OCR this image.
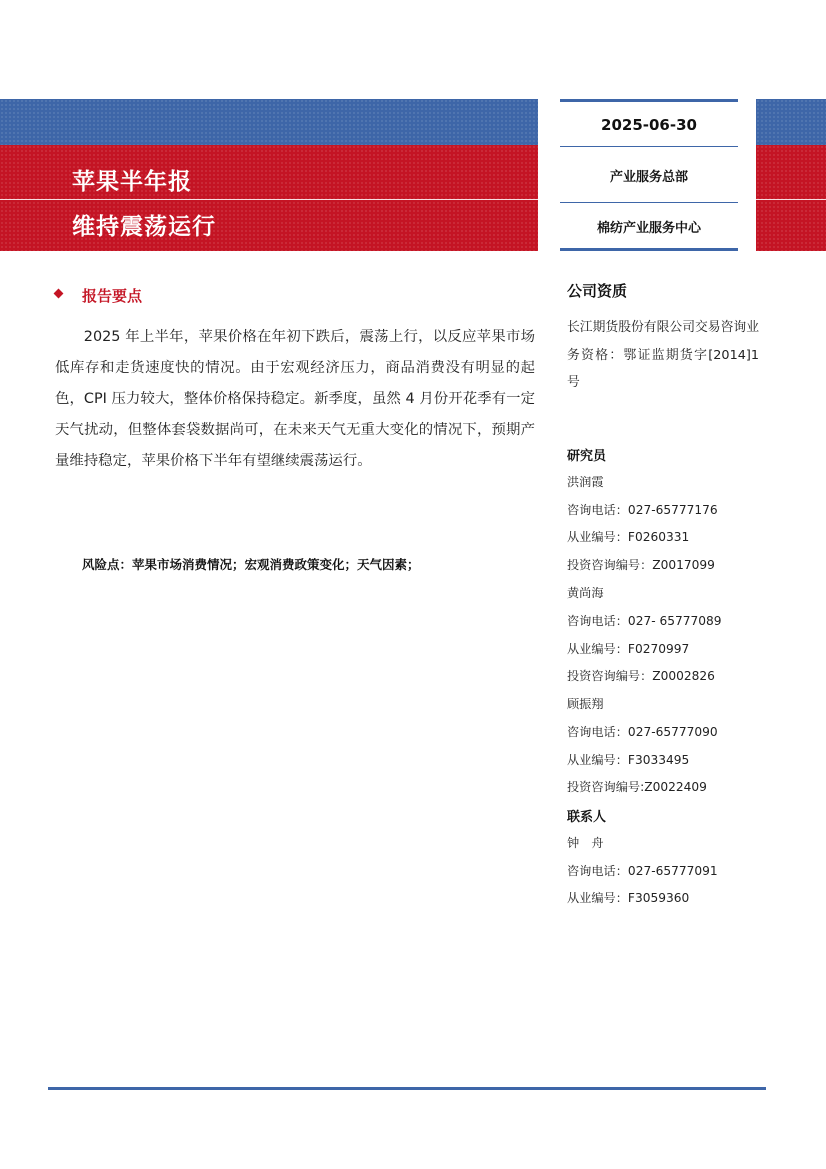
苹果半年报
维持震荡运行
2025-06-30
产业服务总部
棉纺产业服务中心
报告要点
2025 年上半年，苹果价格在年初下跌后，震荡上行，以反应苹果市场低库存和走货速度快的情况。由于宏观经济压力，商品消费没有明显的起色，CPI 压力较大，整体价格保持稳定。新季度，虽然 4 月份开花季有一定天气扰动，但整体套袋数据尚可，在未来天气无重大变化的情况下，预期产量维持稳定，苹果价格下半年有望继续震荡运行。
风险点：苹果市场消费情况；宏观消费政策变化；天气因素；
公司资质
长江期货股份有限公司交易咨询业务资格：鄂证监期货字[2014]1 号
研究员
洪润霞
咨询电话：027-65777176
从业编号：F0260331
投资咨询编号：Z0017099
黄尚海
咨询电话：027- 65777089
从业编号：F0270997
投资咨询编号：Z0002826
顾振翔
咨询电话：027-65777090
从业编号：F3033495
投资咨询编号:Z0022409
联系人
钟　舟
咨询电话：027-65777091
从业编号：F3059360
